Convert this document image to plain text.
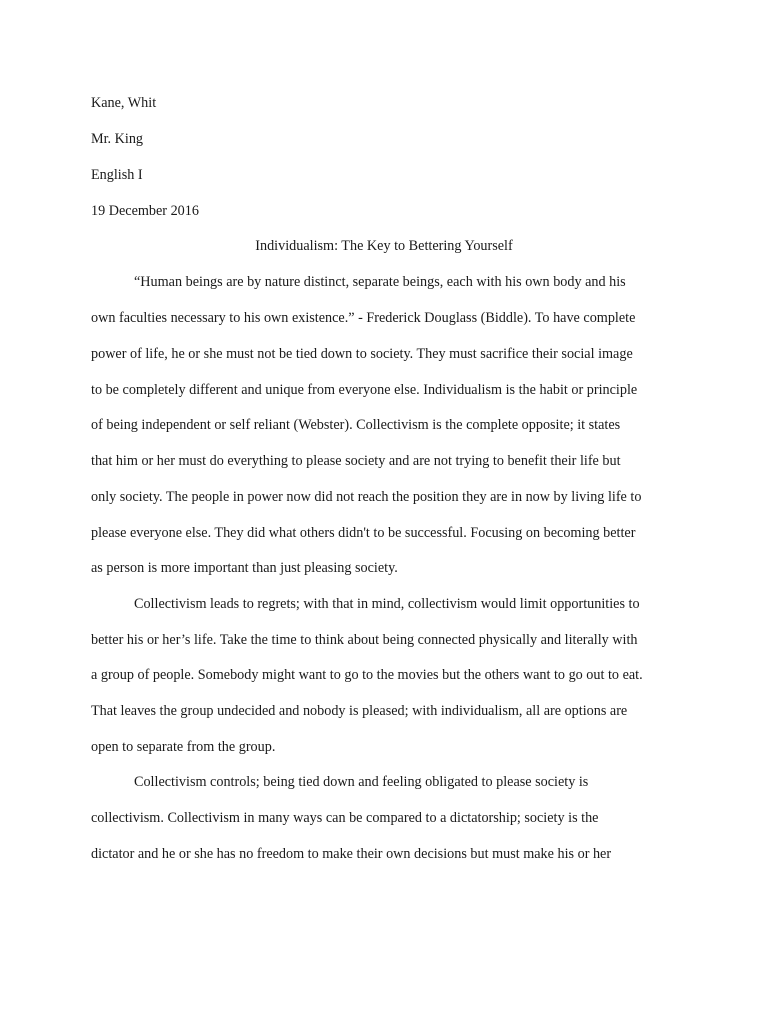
Kane, Whit

Mr. King

English I

19 December 2016

Individualism: The Key to Bettering Yourself

“Human beings are by nature distinct, separate beings, each with his own body and his

own faculties necessary to his own existence.” - Frederick Douglass (Biddle). To have complete

power of life, he or she must not be tied down to society. They must sacrifice their social image

to be completely different and unique from everyone else. Individualism is the habit or principle

of being independent or self reliant (Webster). Collectivism is the complete opposite; it states

that him or her must do everything to please society and are not trying to benefit their life but

only society. The people in power now did not reach the position they are in now by living life to

please everyone else. They did what others didn't to be successful. Focusing on becoming better

as person is more important than just pleasing society.

Collectivism leads to regrets; with that in mind, collectivism would limit opportunities to

better his or her’s life. Take the time to think about being connected physically and literally with

a group of people. Somebody might want to go to the movies but the others want to go out to eat.

That leaves the group undecided and nobody is pleased; with individualism, all are options are

open to separate from the group.

Collectivism controls; being tied down and feeling obligated to please society is

collectivism. Collectivism in many ways can be compared to a dictatorship; society is the

dictator and he or she has no freedom to make their own decisions but must make his or her
